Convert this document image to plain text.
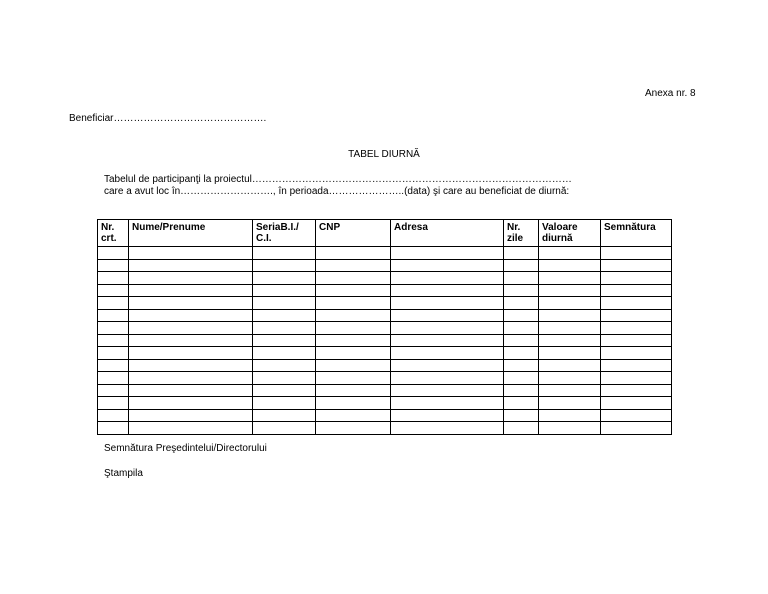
Anexa nr. 8
Beneficiar……………………………………….
TABEL DIURNĂ
Tabelul de participanţi la proiectul……………………………………………………………………………………
care a avut loc în………………………., în perioada…………………..(data) şi care au beneficiat de diurnă:
Nr. crt.	Nume/Prenume	SeriaB.I./ C.I.	CNP	Adresa	Nr. zile	Valoare diurnă	Semnătura

Semnătura Preşedintelui/Directorului
Ştampila
